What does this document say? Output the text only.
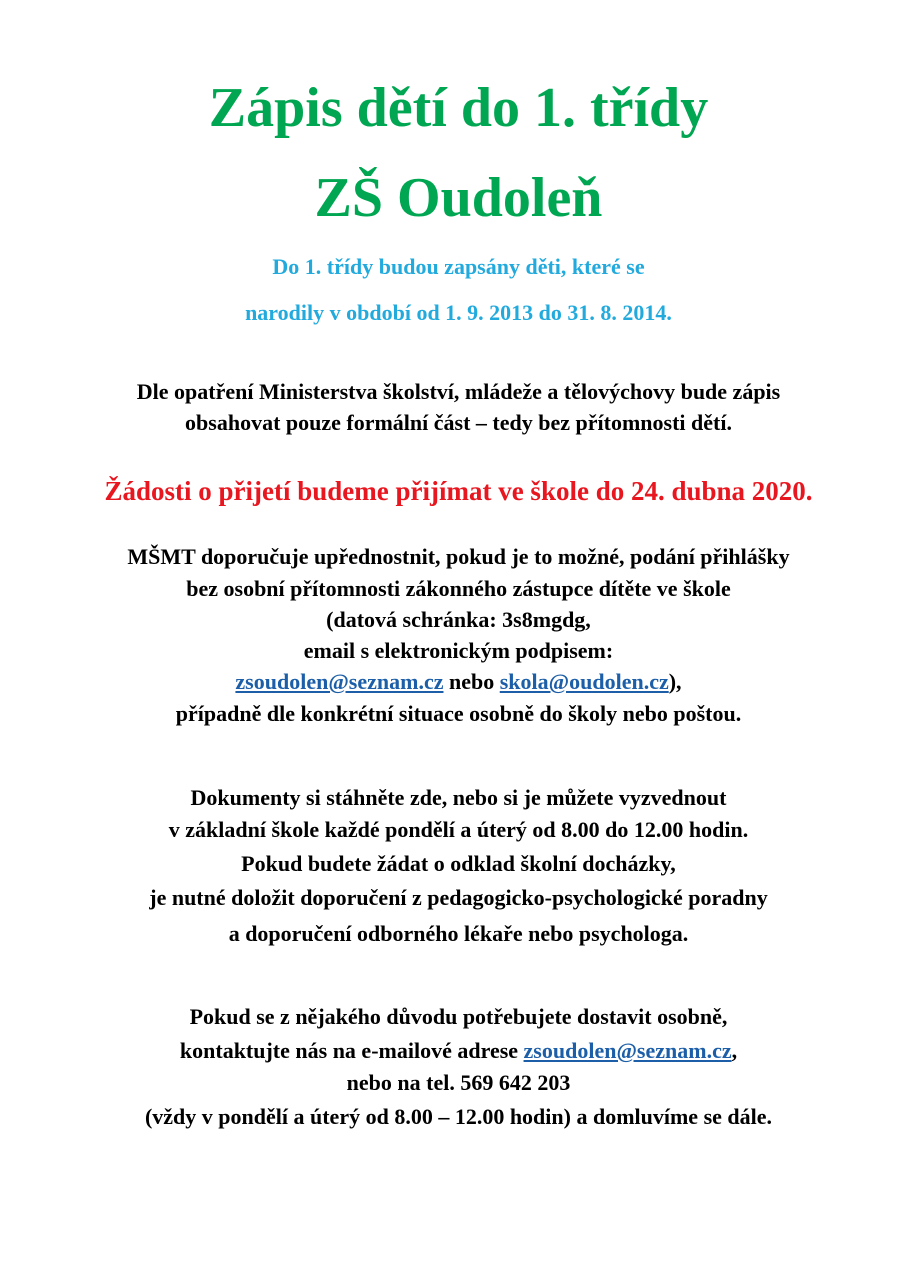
Zápis dětí do 1. třídy
ZŠ Oudoleň
Do 1. třídy budou zapsány děti, které se
narodily v období od 1. 9. 2013 do 31. 8. 2014.
Dle opatření Ministerstva školství, mládeže a tělovýchovy bude zápis
obsahovat pouze formální část – tedy bez přítomnosti dětí.
Žádosti o přijetí budeme přijímat ve škole do 24. dubna 2020.
MŠMT doporučuje upřednostnit, pokud je to možné, podání přihlášky
bez osobní přítomnosti zákonného zástupce dítěte ve škole
(datová schránka: 3s8mgdg,
email s elektronickým podpisem:
zsoudolen@seznam.cz nebo skola@oudolen.cz),
případně dle konkrétní situace osobně do školy nebo poštou.
Dokumenty si stáhněte zde, nebo si je můžete vyzvednout
v základní škole každé pondělí a úterý od 8.00 do 12.00 hodin.
Pokud budete žádat o odklad školní docházky,
je nutné doložit doporučení z pedagogicko-psychologické poradny
a doporučení odborného lékaře nebo psychologa.
Pokud se z nějakého důvodu potřebujete dostavit osobně,
kontaktujte nás na e-mailové adrese zsoudolen@seznam.cz,
nebo na tel. 569 642 203
(vždy v pondělí a úterý od 8.00 – 12.00 hodin) a domluvíme se dále.
